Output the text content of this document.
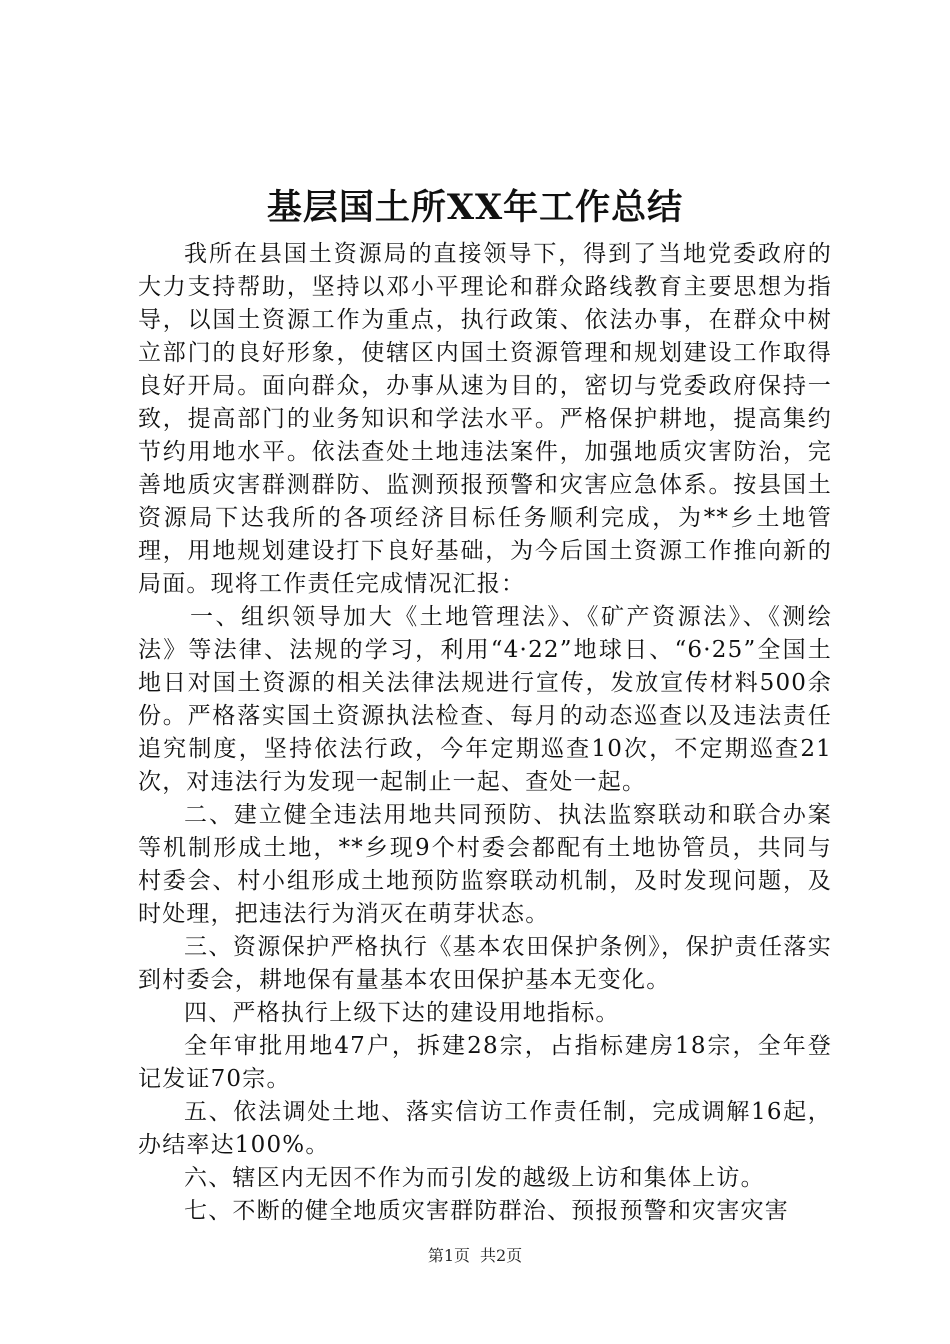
基层国土所XX年工作总结

我所在县国土资源局的直接领导下，得到了当地党委政府的大力支持帮助，坚持以邓小平理论和群众路线教育主要思想为指导，以国土资源工作为重点，执行政策、依法办事，在群众中树立部门的良好形象，使辖区内国土资源管理和规划建设工作取得良好开局。面向群众，办事从速为目的，密切与党委政府保持一致，提高部门的业务知识和学法水平。严格保护耕地，提高集约节约用地水平。依法查处土地违法案件，加强地质灾害防治，完善地质灾害群测群防、监测预报预警和灾害应急体系。按县国土资源局下达我所的各项经济目标任务顺利完成，为**乡土地管理，用地规划建设打下良好基础，为今后国土资源工作推向新的局面。现将工作责任完成情况汇报：

一、组织领导加大《土地管理法》、《矿产资源法》、《测绘法》等法律、法规的学习，利用“4·22”地球日、“6·25”全国土地日对国土资源的相关法律法规进行宣传，发放宣传材料500余份。严格落实国土资源执法检查、每月的动态巡查以及违法责任追究制度，坚持依法行政，今年定期巡查10次，不定期巡查21次，对违法行为发现一起制止一起、查处一起。

二、建立健全违法用地共同预防、执法监察联动和联合办案等机制形成土地，**乡现9个村委会都配有土地协管员，共同与村委会、村小组形成土地预防监察联动机制，及时发现问题，及时处理，把违法行为消灭在萌芽状态。

三、资源保护严格执行《基本农田保护条例》，保护责任落实到村委会，耕地保有量基本农田保护基本无变化。

四、严格执行上级下达的建设用地指标。

全年审批用地47户，拆建28宗，占指标建房18宗，全年登记发证70宗。

五、依法调处土地、落实信访工作责任制，完成调解16起，办结率达100%。

六、辖区内无因不作为而引发的越级上访和集体上访。

七、不断的健全地质灾害群防群治、预报预警和灾害灾害

第1页 共2页
